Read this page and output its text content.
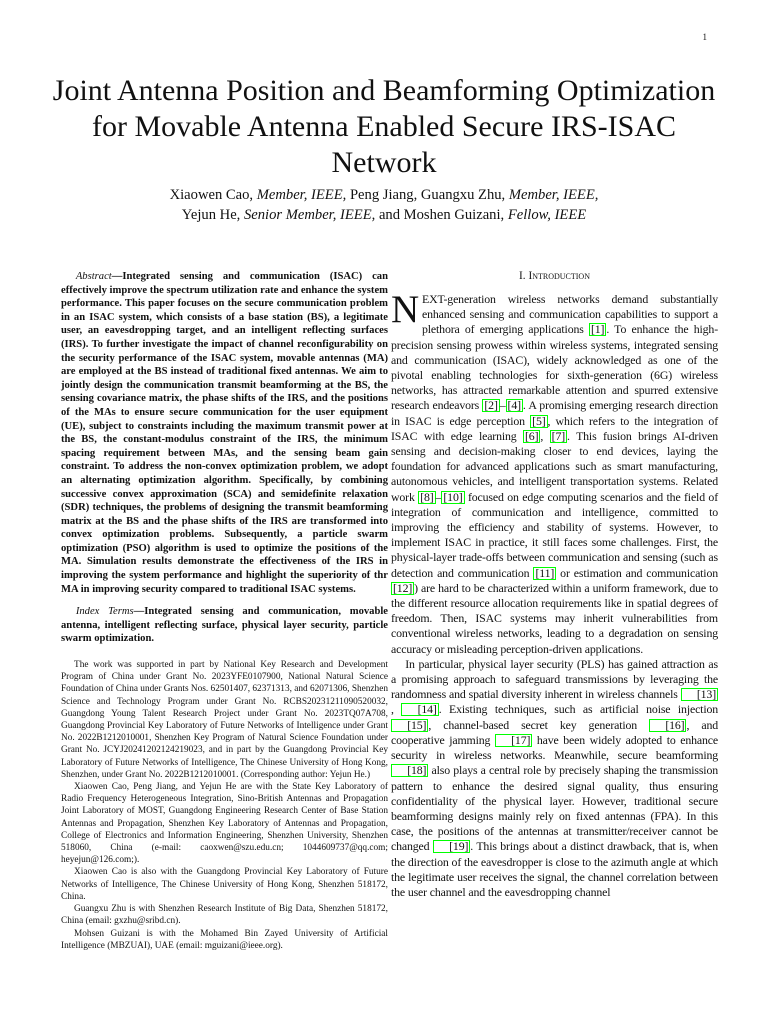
1
Joint Antenna Position and Beamforming Optimization for Movable Antenna Enabled Secure IRS-ISAC Network
Xiaowen Cao, Member, IEEE, Peng Jiang, Guangxu Zhu, Member, IEEE,
Yejun He, Senior Member, IEEE, and Moshen Guizani, Fellow, IEEE

Abstract—Integrated sensing and communication (ISAC) can effectively improve the spectrum utilization rate and enhance the system performance. This paper focuses on the secure communication problem in an ISAC system, which consists of a base station (BS), a legitimate user, an eavesdropping target, and an intelligent reflecting surfaces (IRS). To further investigate the impact of channel reconfigurability on the security performance of the ISAC system, movable antennas (MA) are employed at the BS instead of traditional fixed antennas. We aim to jointly design the communication transmit beamforming at the BS, the sensing covariance matrix, the phase shifts of the IRS, and the positions of the MAs to ensure secure communication for the user equipment (UE), subject to constraints including the maximum transmit power at the BS, the constant-modulus constraint of the IRS, the minimum spacing requirement between MAs, and the sensing beam gain constraint. To address the non-convex optimization problem, we adopt an alternating optimization algorithm. Specifically, by combining successive convex approximation (SCA) and semidefinite relaxation (SDR) techniques, the problems of designing the transmit beamforming matrix at the BS and the phase shifts of the IRS are transformed into convex optimization problems. Subsequently, a particle swarm optimization (PSO) algorithm is used to optimize the positions of the MA. Simulation results demonstrate the effectiveness of the IRS in improving the system performance and highlight the superiority of thr MA in improving security compared to traditional ISAC systems.

Index Terms—Integrated sensing and communication, movable antenna, intelligent reflecting surface, physical layer security, particle swarm optimization.

The work was supported in part by National Key Research and Development Program of China under Grant No. 2023YFE0107900, National Natural Science Foundation of China under Grants Nos. 62501407, 62371313, and 62071306, Shenzhen Science and Technology Program under Grant No. RCBS20231211090520032, Guangdong Young Talent Research Project under Grant No. 2023TQ07A708, Guangdong Provincial Key Laboratory of Future Networks of Intelligence under Grant No. 2022B1212010001, Shenzhen Key Program of Natural Science Foundation under Grant No. JCYJ20241202124219023, and in part by the Guangdong Provincial Key Laboratory of Future Networks of Intelligence, The Chinese University of Hong Kong, Shenzhen, under Grant No. 2022B1212010001. (Corresponding author: Yejun He.)

Xiaowen Cao, Peng Jiang, and Yejun He are with the State Key Laboratory of Radio Frequency Heterogeneous Integration, Sino-British Antennas and Propagation Joint Laboratory of MOST, Guangdong Engineering Research Center of Base Station Antennas and Propagation, Shenzhen Key Laboratory of Antennas and Propagation, College of Electronics and Information Engineering, Shenzhen University, Shenzhen 518060, China (e-mail: caoxwen@szu.edu.cn; 1044609737@qq.com; heyejun@126.com;).

Xiaowen Cao is also with the Guangdong Provincial Key Laboratory of Future Networks of Intelligence, The Chinese University of Hong Kong, Shenzhen 518172, China.

Guangxu Zhu is with Shenzhen Research Institute of Big Data, Shenzhen 518172, China (email: gxzhu@sribd.cn).

Mohsen Guizani is with the Mohamed Bin Zayed University of Artificial Intelligence (MBZUAI), UAE (email: mguizani@ieee.org).

I. Introduction

NEXT-generation wireless networks demand substantially enhanced sensing and communication capabilities to support a plethora of emerging applications [1] . To enhance the high-precision sensing prowess within wireless systems, integrated sensing and communication (ISAC), widely acknowledged as one of the pivotal enabling technologies for sixth-generation (6G) wireless networks, has attracted remarkable attention and spurred extensive research endeavors [2] – [4] . A promising emerging research direction in ISAC is edge perception [5] , which refers to the integration of ISAC with edge learning [6] , [7] . This fusion brings AI-driven sensing and decision-making closer to end devices, laying the foundation for advanced applications such as smart manufacturing, autonomous vehicles, and intelligent transportation systems. Related work [8] – [10] focused on edge computing scenarios and the field of integration of communication and intelligence, committed to improving the efficiency and stability of systems. However, to implement ISAC in practice, it still faces some challenges. First, the physical-layer trade-offs between communication and sensing (such as detection and communication [11] or estimation and communication [12] ) are hard to be characterized within a uniform framework, due to the different resource allocation requirements like in spatial degrees of freedom. Then, ISAC systems may inherit vulnerabilities from conventional wireless networks, leading to a degradation on sensing accuracy or misleading perception-driven applications.

In particular, physical layer security (PLS) has gained attraction as a promising approach to safeguard transmissions by leveraging the randomness and spatial diversity inherent in wireless channels [13], [14] . Existing techniques, such as artificial noise injection [15] , channel-based secret key generation [16] , and cooperative jamming [17] have been widely adopted to enhance security in wireless networks. Meanwhile, secure beamforming [18] also plays a central role by precisely shaping the transmission pattern to enhance the desired signal quality, thus ensuring confidentiality of the physical layer. However, traditional secure beamforming designs mainly rely on fixed antennas (FPA). In this case, the positions of the antennas at transmitter/receiver cannot be changed [19] . This brings about a distinct drawback, that is, when the direction of the eavesdropper is close to the azimuth angle at which the legitimate user receives the signal, the channel correlation between the user channel and the eavesdropping channel
